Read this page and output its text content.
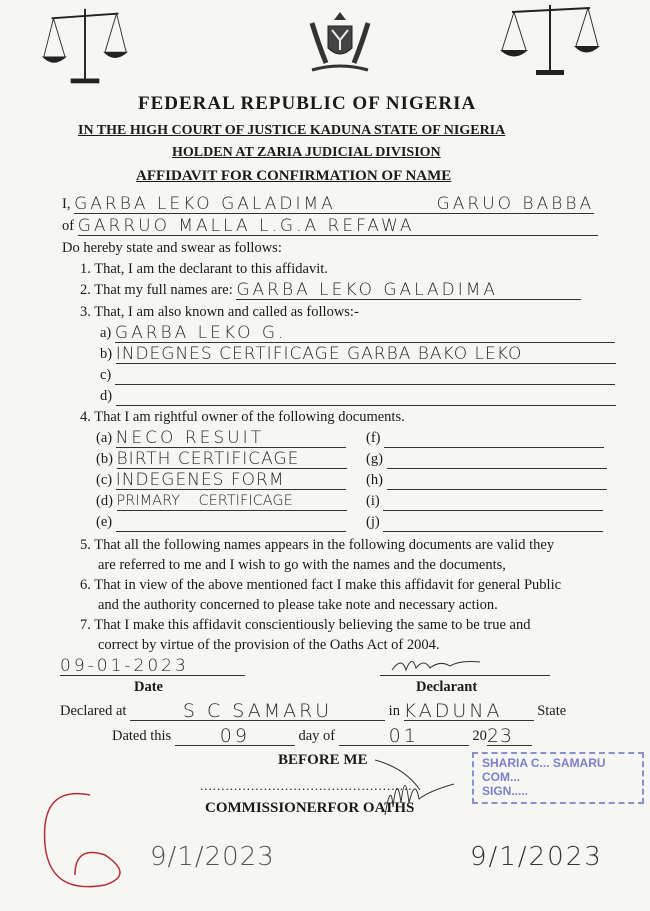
FEDERAL REPUBLIC OF NIGERIA
IN THE HIGH COURT OF JUSTICE KADUNA STATE OF NIGERIA
HOLDEN AT ZARIA JUDICIAL DIVISION
AFFIDAVIT FOR CONFIRMATION OF NAME
I, GARBA LEKO GALADIMA	GARUO BABBA
of GARRUO MALLA L.G.A REFAWA
Do hereby state and swear as follows:
1. That, I am the declarant to this affidavit.
2. That my full names are: GARBA LEKO GALADIMA
3. That, I am also known and called as follows:-
a) GARBA LEKO G.
b) INDEGNES CERTIFICAGE GARBA BAKO LEKO
c)
d)
4. That I am rightful owner of the following documents.
(a) NECO RESUIT
(b) BIRTH CERTIFICAGE
(c) INDEGENES FORM
(d) PRIMARY    CERTIFICAGE
(e)
(f)
(g)
(h)
(i)
(j)
5. That all the following names appears in the following documents are valid they
are referred to me and I wish to go with the names and the documents,
6. That in view of the above mentioned fact I make this affidavit for general Public
and the authority concerned to please take note and necessary action.
7. That I make this affidavit conscientiously believing the same to be true and
correct by virtue of the provision of the Oaths Act of 2004.
09-01-2023
Date	Declarant
Declared at	S C SAMARU	in KADUNA State
Dated this	09	day of	01	2023
BEFORE ME	SHARIA C... SAMARU
COM...
SIGN.....
..................................................
COMMISSIONERFOR OATHS
9/1/2023	9/1/2023
